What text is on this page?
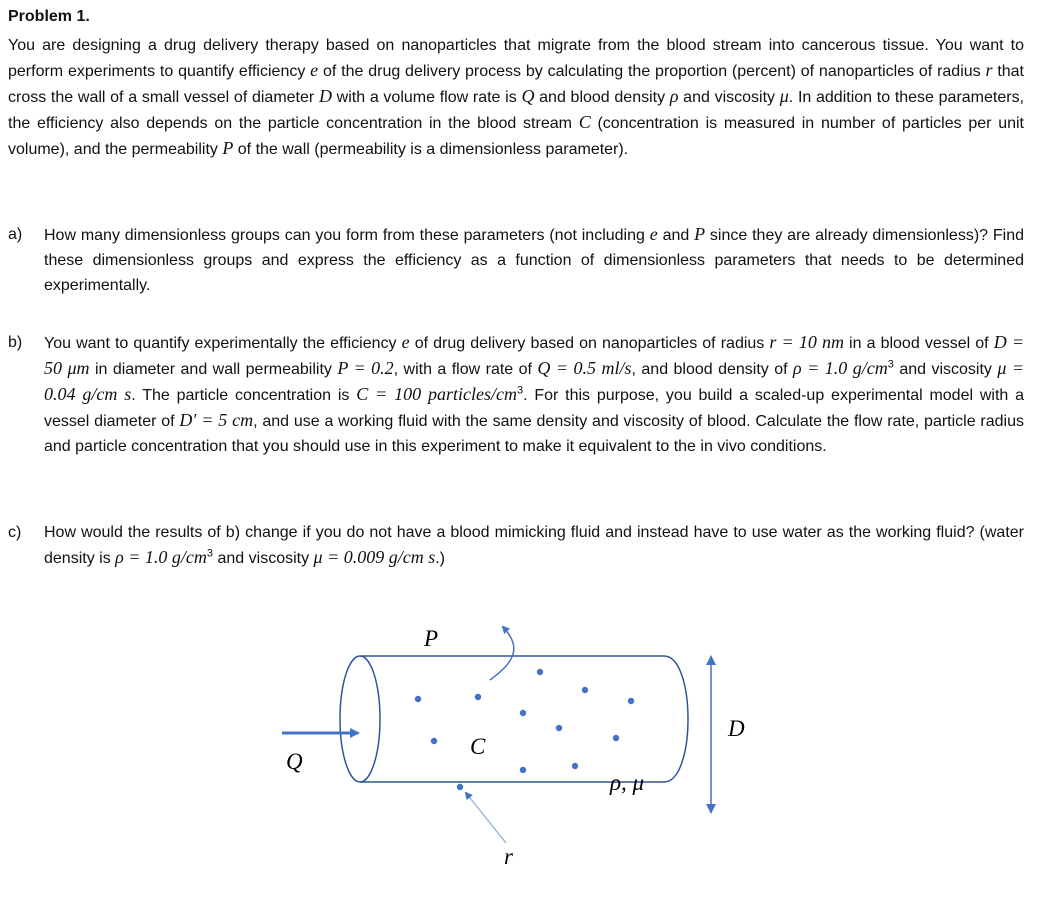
Problem 1.
You are designing a drug delivery therapy based on nanoparticles that migrate from the blood stream into cancerous tissue. You want to perform experiments to quantify efficiency e of the drug delivery process by calculating the proportion (percent) of nanoparticles of radius r that cross the wall of a small vessel of diameter D with a volume flow rate is Q and blood density ρ and viscosity μ. In addition to these parameters, the efficiency also depends on the particle concentration in the blood stream C (concentration is measured in number of particles per unit volume), and the permeability P of the wall (permeability is a dimensionless parameter).
a) How many dimensionless groups can you form from these parameters (not including e and P since they are already dimensionless)? Find these dimensionless groups and express the efficiency as a function of dimensionless parameters that needs to be determined experimentally.
b) You want to quantify experimentally the efficiency e of drug delivery based on nanoparticles of radius r = 10 nm in a blood vessel of D = 50 μm in diameter and wall permeability P = 0.2, with a flow rate of Q = 0.5 ml/s, and blood density of ρ = 1.0 $g/cm^3$ and viscosity μ = 0.04 g/cm s. The particle concentration is C = 100 particles/$cm^3$. For this purpose, you build a scaled-up experimental model with a vessel diameter of D′ = 5 cm, and use a working fluid with the same density and viscosity of blood. Calculate the flow rate, particle radius and particle concentration that you should use in this experiment to make it equivalent to the in vivo conditions.
c) How would the results of b) change if you do not have a blood mimicking fluid and instead have to use water as the working fluid? (water density is ρ = 1.0 $g/cm^3$ and viscosity μ = 0.009 g/cm s.)
P
C
Q
D
ρ, μ
r
